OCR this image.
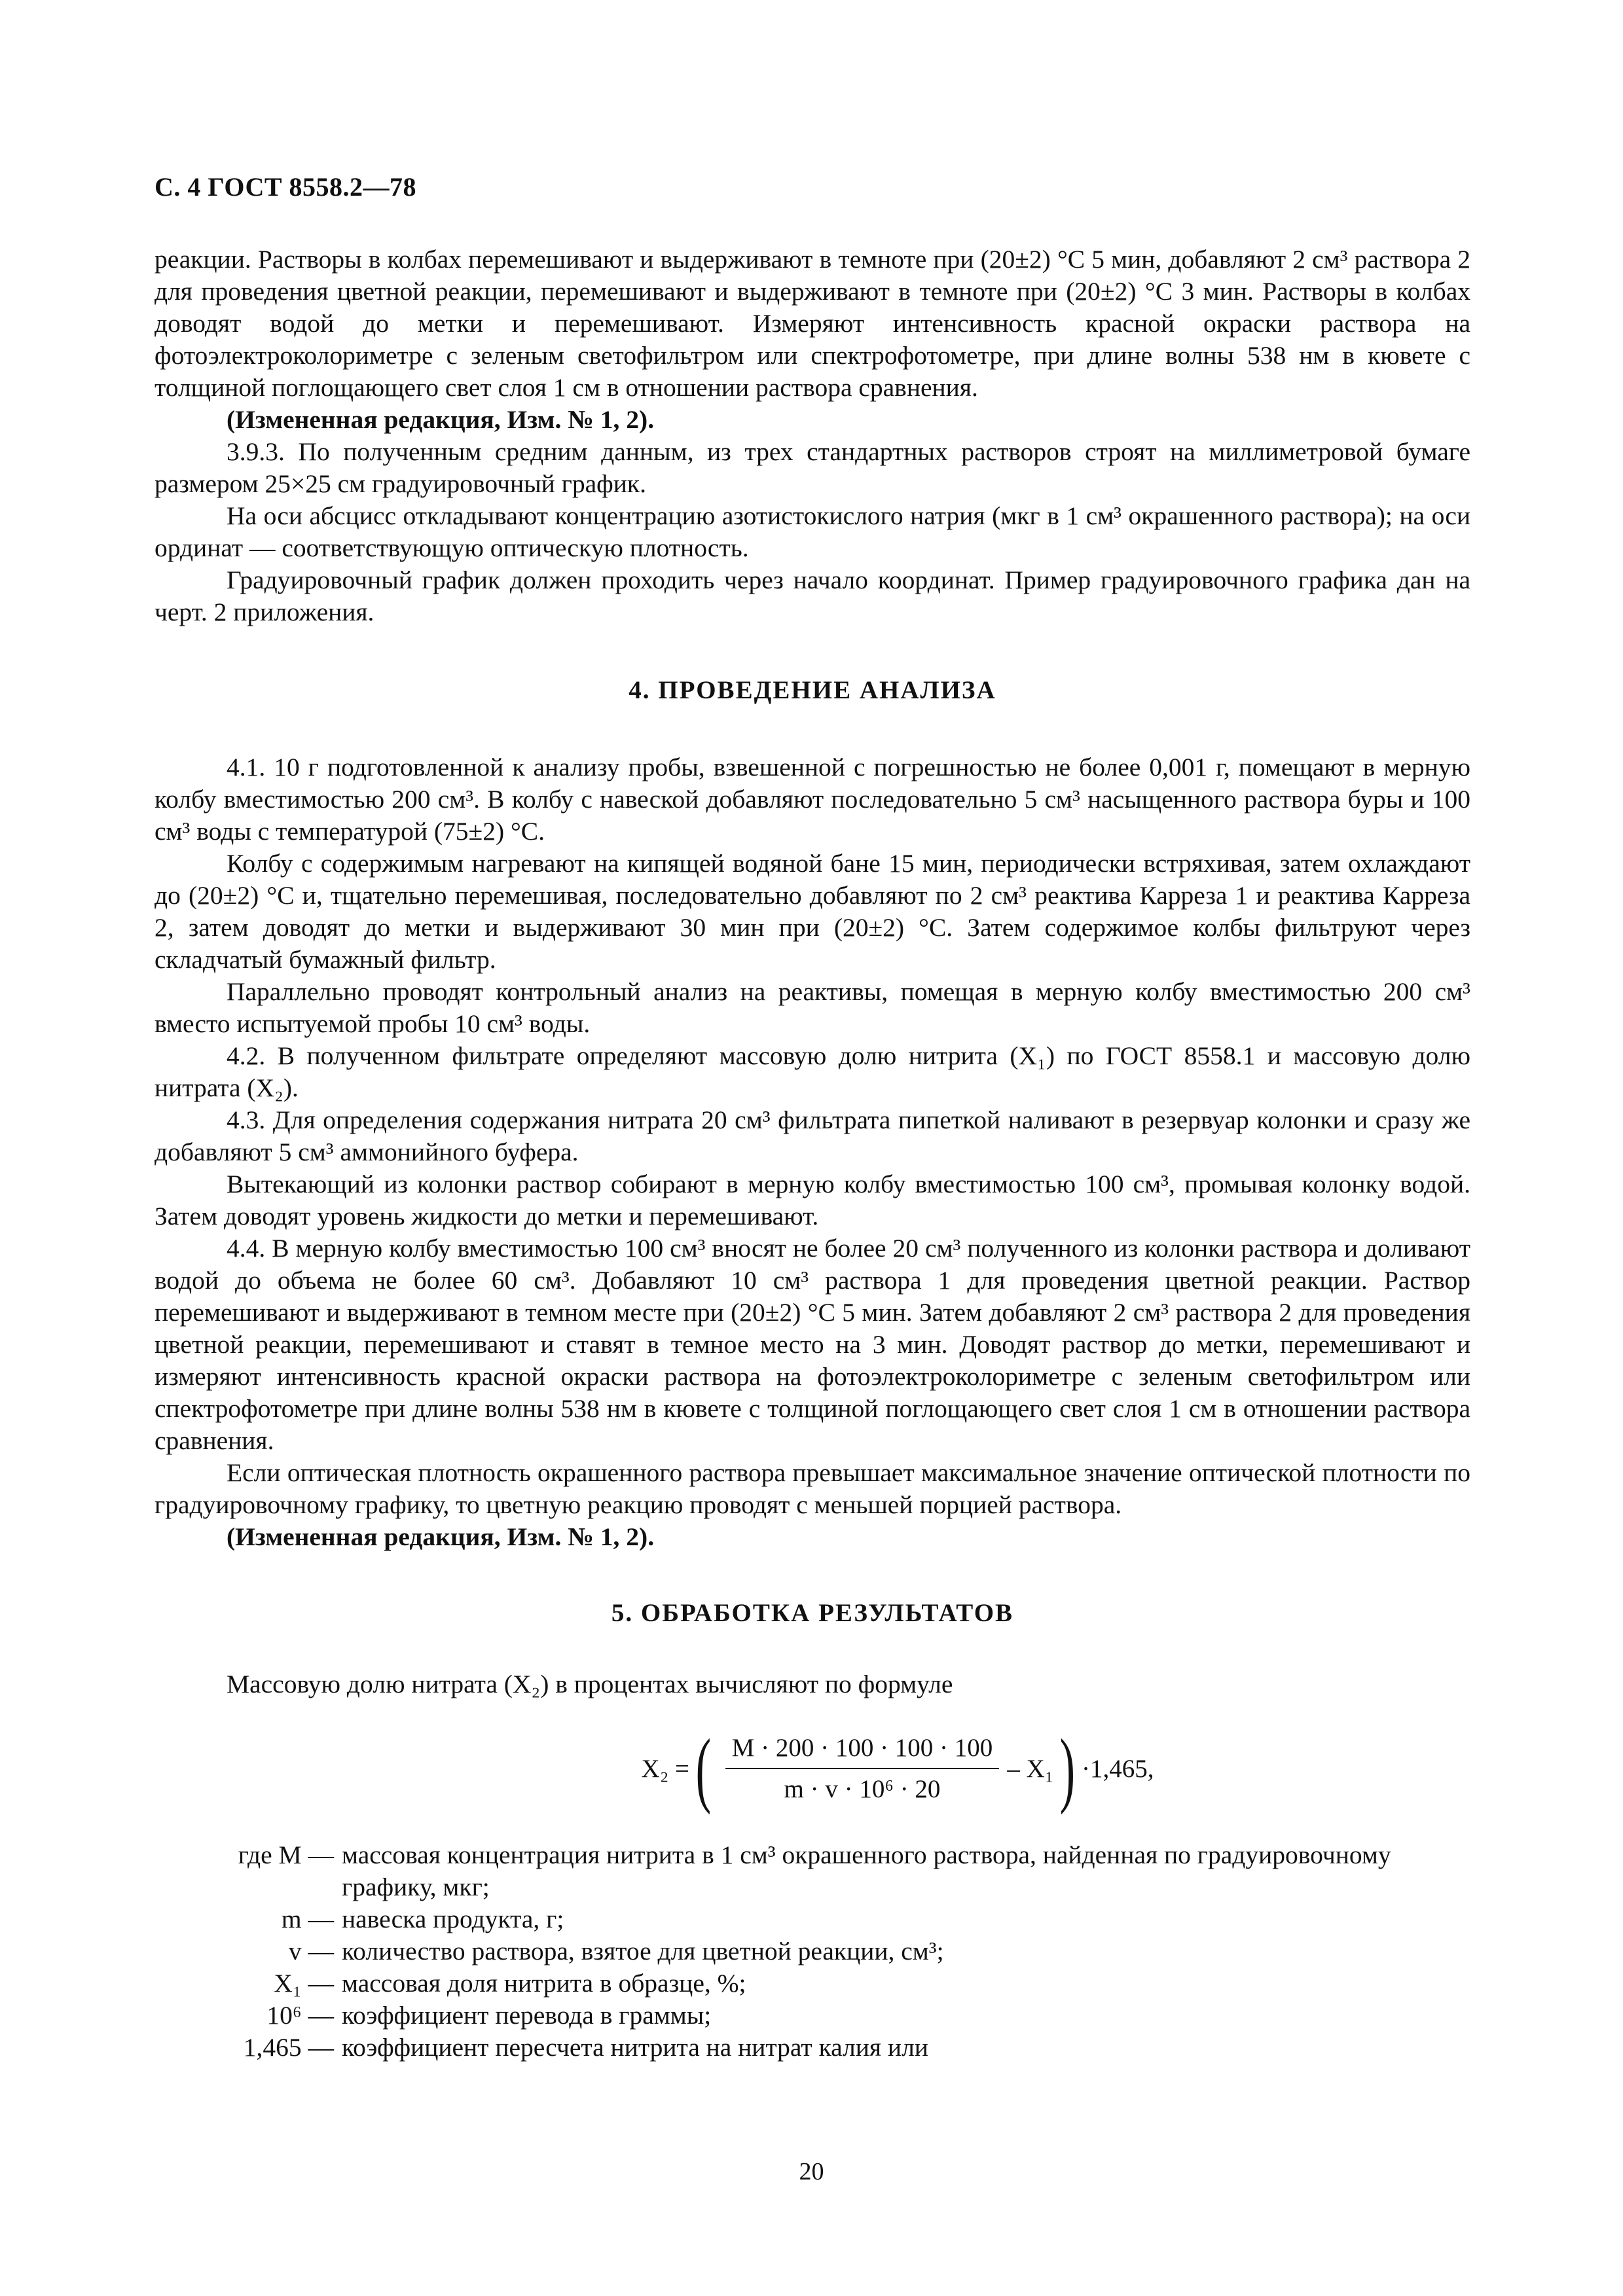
С. 4 ГОСТ 8558.2—78

реакции. Растворы в колбах перемешивают и выдерживают в темноте при (20±2) °С 5 мин, добавляют 2 см³ раствора 2 для проведения цветной реакции, перемешивают и выдерживают в темноте при (20±2) °С 3 мин. Растворы в колбах доводят водой до метки и перемешивают. Измеряют интенсивность красной окраски раствора на фотоэлектроколориметре с зеленым светофильтром или спектрофотометре, при длине волны 538 нм в кювете с толщиной поглощающего свет слоя 1 см в отношении раствора сравнения.

(Измененная редакция, Изм. № 1, 2).

3.9.3. По полученным средним данным, из трех стандартных растворов строят на миллиметровой бумаге размером 25×25 см градуировочный график.

На оси абсцисс откладывают концентрацию азотистокислого натрия (мкг в 1 см³ окрашенного раствора); на оси ординат — соответствующую оптическую плотность.

Градуировочный график должен проходить через начало координат. Пример градуировочного графика дан на черт. 2 приложения.

4. ПРОВЕДЕНИЕ АНАЛИЗА

4.1. 10 г подготовленной к анализу пробы, взвешенной с погрешностью не более 0,001 г, помещают в мерную колбу вместимостью 200 см³. В колбу с навеской добавляют последовательно 5 см³ насыщенного раствора буры и 100 см³ воды с температурой (75±2) °С.

Колбу с содержимым нагревают на кипящей водяной бане 15 мин, периодически встряхивая, затем охлаждают до (20±2) °С и, тщательно перемешивая, последовательно добавляют по 2 см³ реактива Карреза 1 и реактива Карреза 2, затем доводят до метки и выдерживают 30 мин при (20±2) °С. Затем содержимое колбы фильтруют через складчатый бумажный фильтр.

Параллельно проводят контрольный анализ на реактивы, помещая в мерную колбу вместимостью 200 см³ вместо испытуемой пробы 10 см³ воды.

4.2. В полученном фильтрате определяют массовую долю нитрита (X₁) по ГОСТ 8558.1 и массовую долю нитрата (X₂).

4.3. Для определения содержания нитрата 20 см³ фильтрата пипеткой наливают в резервуар колонки и сразу же добавляют 5 см³ аммонийного буфера.

Вытекающий из колонки раствор собирают в мерную колбу вместимостью 100 см³, промывая колонку водой. Затем доводят уровень жидкости до метки и перемешивают.

4.4. В мерную колбу вместимостью 100 см³ вносят не более 20 см³ полученного из колонки раствора и доливают водой до объема не более 60 см³. Добавляют 10 см³ раствора 1 для проведения цветной реакции. Раствор перемешивают и выдерживают в темном месте при (20±2) °С 5 мин. Затем добавляют 2 см³ раствора 2 для проведения цветной реакции, перемешивают и ставят в темное место на 3 мин. Доводят раствор до метки, перемешивают и измеряют интенсивность красной окраски раствора на фотоэлектроколориметре с зеленым светофильтром или спектрофотометре при длине волны 538 нм в кювете с толщиной поглощающего свет слоя 1 см в отношении раствора сравнения.

Если оптическая плотность окрашенного раствора превышает максимальное значение оптической плотности по градуировочному графику, то цветную реакцию проводят с меньшей порцией раствора.

(Измененная редакция, Изм. № 1, 2).

5. ОБРАБОТКА РЕЗУЛЬТАТОВ

Массовую долю нитрата (X₂) в процентах вычисляют по формуле

X₂ = ( $\frac{M \cdot 200 \cdot 100 \cdot 100 \cdot 100}{\text{m · v · 10⁶ · 20}} - X_1$ ) ·1,465,
где M — массовая концентрация нитрита в 1 см³ окрашенного раствора, найденная по градуировочному графику, мкг;
m — навеска продукта, г;
v — количество раствора, взятое для цветной реакции, см³;
X₁ — массовая доля нитрита в образце, %;
10⁶ — коэффициент перевода в граммы;
1,465 — коэффициент пересчета нитрита на нитрат калия или
20
